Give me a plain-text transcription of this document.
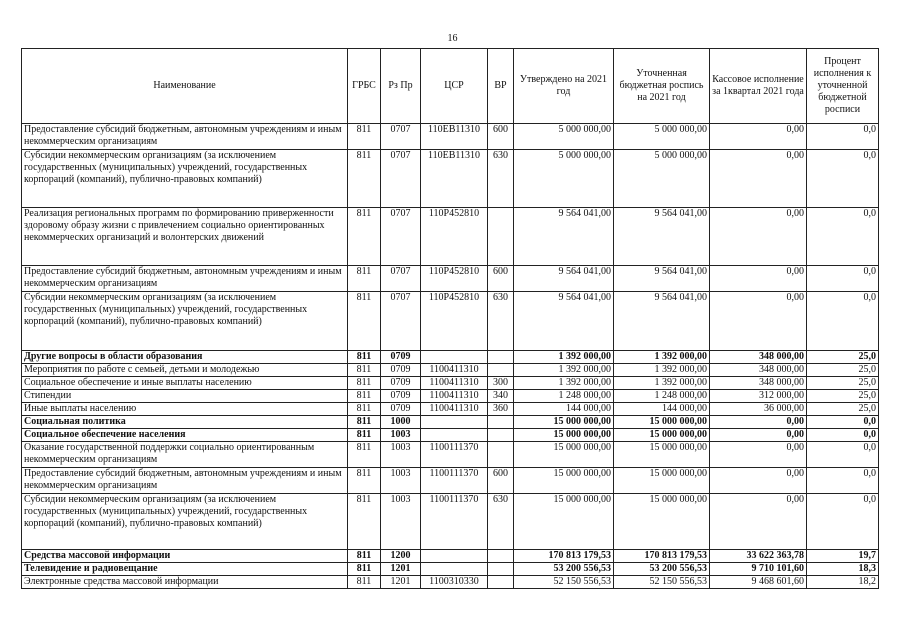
16
Наименование	ГРБС	Рз Пр	ЦСР	ВР	Утверждено на 2021 год	Уточненная бюджетная роспись на 2021 год	Кассовое исполнение за 1квартал 2021 года	Процент исполнения к уточненной бюджетной росписи
Предоставление субсидий бюджетным, автономным учреждениям и иным некоммерческим организациям	811	0707	110ЕВ11310	600	5 000 000,00	5 000 000,00	0,00	0,0
Субсидии некоммерческим организациям (за исключением государственных (муниципальных) учреждений, государственных корпораций (компаний), публично-правовых компаний)	811	0707	110ЕВ11310	630	5 000 000,00	5 000 000,00	0,00	0,0
Реализация региональных программ по формированию приверженности здоровому образу жизни с привлечением социально ориентированных некоммерческих организаций и волонтерских движений	811	0707	110Р452810		9 564 041,00	9 564 041,00	0,00	0,0
Предоставление субсидий бюджетным, автономным учреждениям и иным некоммерческим организациям	811	0707	110Р452810	600	9 564 041,00	9 564 041,00	0,00	0,0
Субсидии некоммерческим организациям (за исключением государственных (муниципальных) учреждений, государственных корпораций (компаний), публично-правовых компаний)	811	0707	110Р452810	630	9 564 041,00	9 564 041,00	0,00	0,0
Другие вопросы в области образования	811	0709			1 392 000,00	1 392 000,00	348 000,00	25,0
Мероприятия по работе с семьей, детьми и молодежью	811	0709	1100411310		1 392 000,00	1 392 000,00	348 000,00	25,0
Социальное обеспечение и иные выплаты населению	811	0709	1100411310	300	1 392 000,00	1 392 000,00	348 000,00	25,0
Стипендии	811	0709	1100411310	340	1 248 000,00	1 248 000,00	312 000,00	25,0
Иные выплаты населению	811	0709	1100411310	360	144 000,00	144 000,00	36 000,00	25,0
Социальная политика	811	1000			15 000 000,00	15 000 000,00	0,00	0,0
Социальное обеспечение населения	811	1003			15 000 000,00	15 000 000,00	0,00	0,0
Оказание государственной поддержки социально ориентированным некоммерческим организациям	811	1003	1100111370		15 000 000,00	15 000 000,00	0,00	0,0
Предоставление субсидий бюджетным, автономным учреждениям и иным некоммерческим организациям	811	1003	1100111370	600	15 000 000,00	15 000 000,00	0,00	0,0
Субсидии некоммерческим организациям (за исключением государственных (муниципальных) учреждений, государственных корпораций (компаний), публично-правовых компаний)	811	1003	1100111370	630	15 000 000,00	15 000 000,00	0,00	0,0
Средства массовой информации	811	1200			170 813 179,53	170 813 179,53	33 622 363,78	19,7
Телевидение и радиовещание	811	1201			53 200 556,53	53 200 556,53	9 710 101,60	18,3
Электронные средства массовой информации	811	1201	1100310330		52 150 556,53	52 150 556,53	9 468 601,60	18,2
